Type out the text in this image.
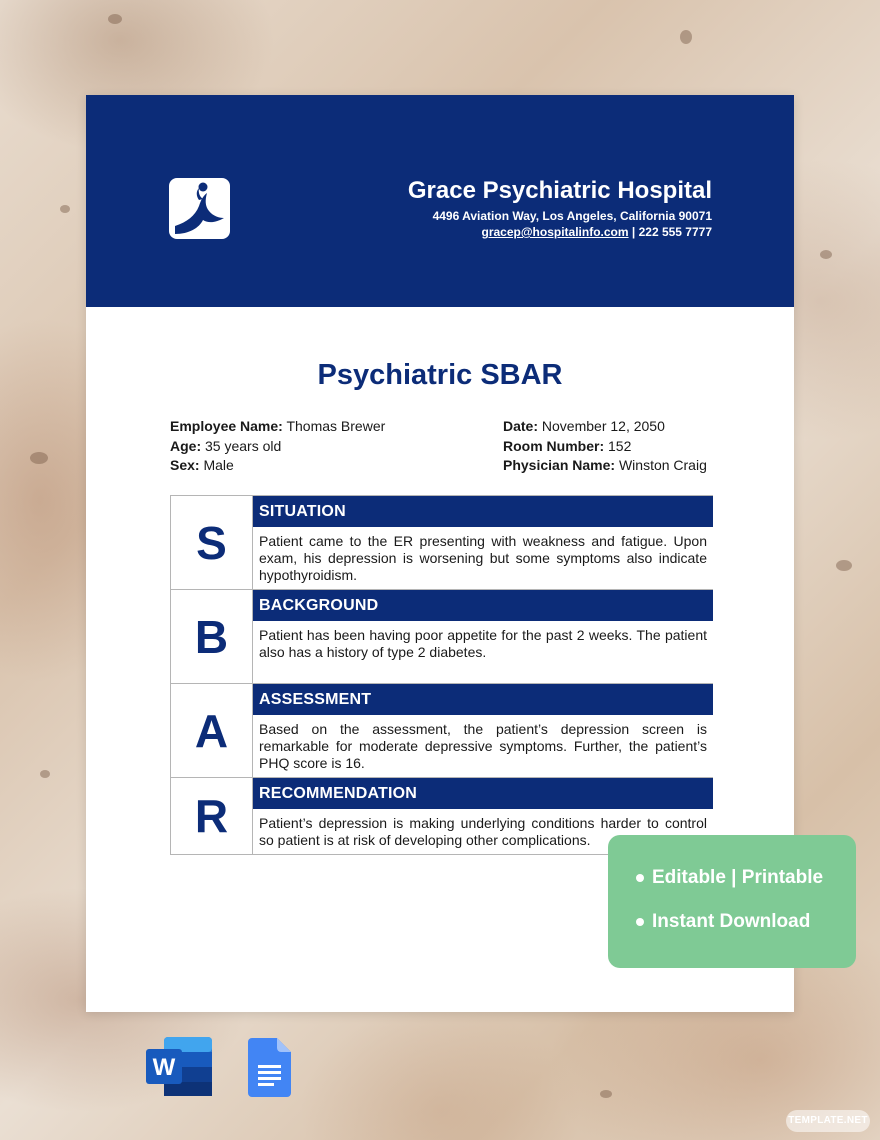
Grace Psychiatric Hospital
4496 Aviation Way, Los Angeles, California 90071
gracep@hospitalinfo.com | 222 555 7777
Psychiatric SBAR
Employee Name: Thomas Brewer
Age: 35 years old
Sex: Male
Date: November 12, 2050
Room Number: 152
Physician Name: Winston Craig
S
SITUATION
Patient came to the ER presenting with weakness and fatigue. Upon exam, his depression is worsening but some symptoms also indicate hypothyroidism.
B
BACKGROUND
Patient has been having poor appetite for the past 2 weeks. The patient also has a history of type 2 diabetes.
A
ASSESSMENT
Based on the assessment, the patient’s depression screen is remarkable for moderate depressive symptoms. Further, the patient’s PHQ score is 16.
R	RECOMMENDATION
Patient’s depression is making underlying conditions harder to control so patient is at risk of developing other complications.
Editable | Printable
Instant Download
W
TEMPLATE.NET
